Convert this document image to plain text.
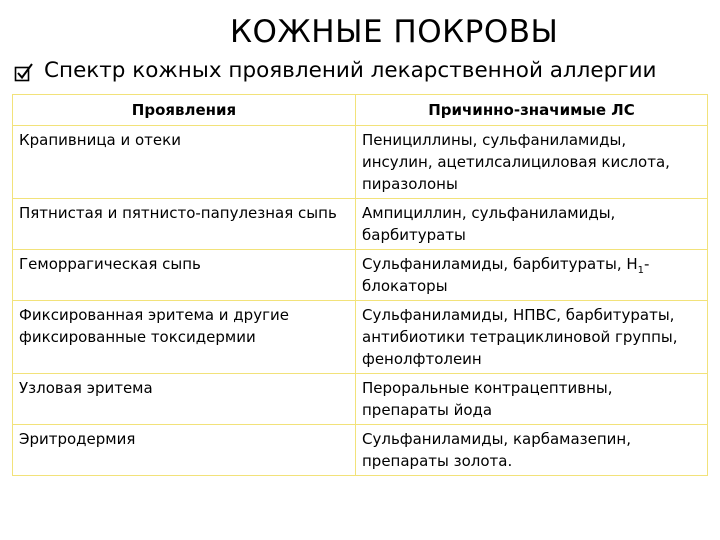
КОЖНЫЕ ПОКРОВЫ
Спектр кожных проявлений лекарственной аллергии
Проявления	Причинно-значимые ЛС
Крапивница и отеки	Пенициллины, сульфаниламиды, инсулин, ацетилсалициловая кислота, пиразолоны
Пятнистая и пятнисто-папулезная сыпь	Ампициллин, сульфаниламиды, барбитураты
Геморрагическая сыпь	Сульфаниламиды, барбитураты, $H_1$-блокаторы
Фиксированная эритема и другие фиксированные токсидермии	Сульфаниламиды, НПВС, барбитураты, антибиотики тетрациклиновой группы, фенолфтолеин
Узловая эритема	Пероральные контрацептивны, препараты йода
Эритродермия	Сульфаниламиды, карбамазепин, препараты золота.
